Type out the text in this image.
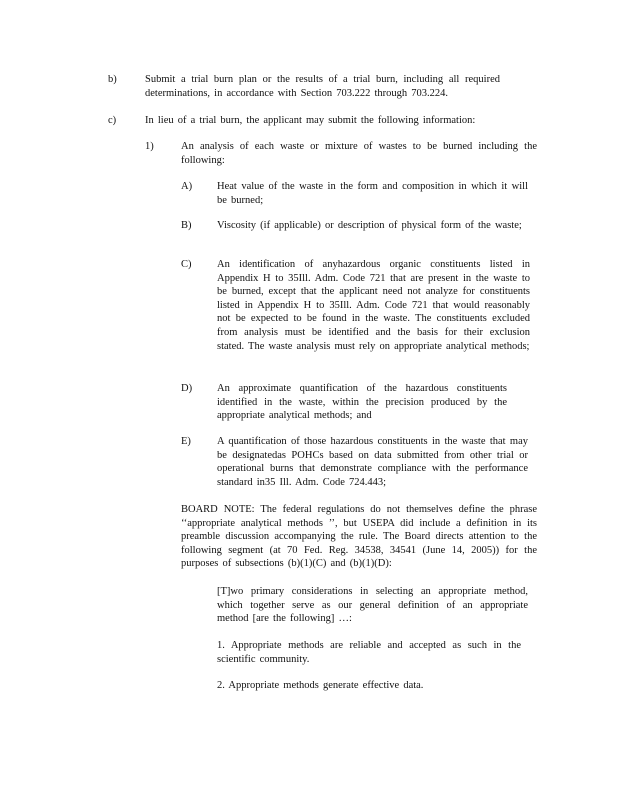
b)	Submit a trial burn plan or the results of a trial burn, including all required determinations, in accordance with Section 703.222 through 703.224.
c)	In lieu of a trial burn, the applicant may submit the following information:
1)	An analysis of each waste or mixture of wastes to be burned including the following:
A) Heat value of the waste in the form and composition in which it will be burned;
B) Viscosity (if applicable) or description of physical form of the waste;
C) An identification of anyhazardous organic constituents listed in Appendix H to 35Ill. Adm. Code 721 that are present in the waste to be burned, except that the applicant need not analyze for constituents listed in Appendix H to 35Ill. Adm. Code 721 that would reasonably not be expected to be found in the waste. The constituents excluded from analysis must be identified and the basis for their exclusion stated. The waste analysis must rely on appropriate analytical methods;
D) An approximate quantification of the hazardous constituents identified in the waste, within the precision produced by the appropriate analytical methods; and
E) A quantification of those hazardous constituents in the waste that may be designatedas POHCs based on data submitted from other trial or operational burns that demonstrate compliance with the performance standard in35 Ill. Adm. Code 724.443;
BOARD NOTE: The federal regulations do not themselves define the phrase ‘‘appropriate analytical methods ’’, but USEPA did include a definition in its preamble discussion accompanying the rule. The Board directs attention to the following segment (at 70 Fed. Reg. 34538, 34541 (June 14, 2005)) for the purposes of subsections (b)(1)(C) and (b)(1)(D):
[T]wo primary considerations in selecting an appropriate method, which together serve as our general definition of an appropriate method [are the following] …:
1. Appropriate methods are reliable and accepted as such in the scientific community.
2. Appropriate methods generate effective data.
